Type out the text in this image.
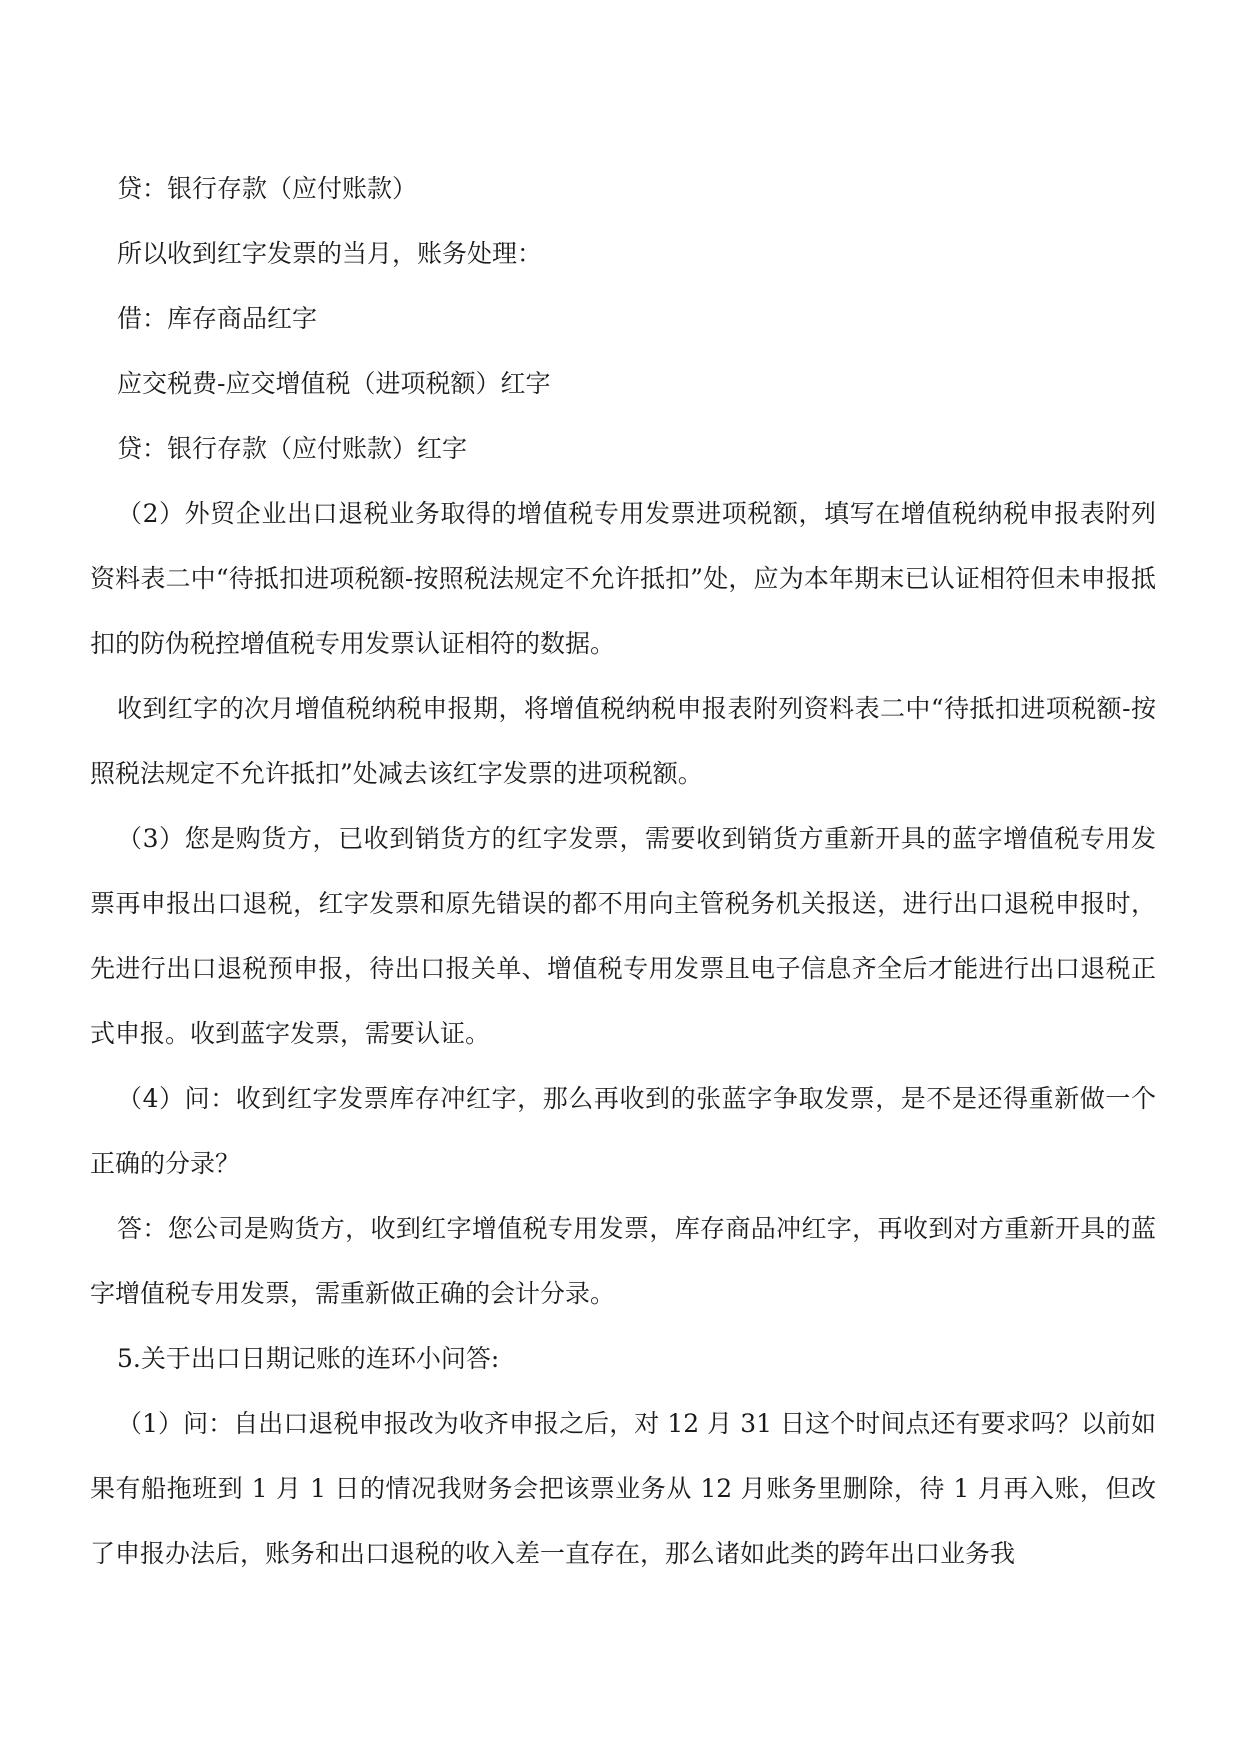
贷：银行存款（应付账款）

所以收到红字发票的当月，账务处理：

借：库存商品红字

应交税费-应交增值税（进项税额）红字

贷：银行存款（应付账款）红字

（2）外贸企业出口退税业务取得的增值税专用发票进项税额，填写在增值税纳税申报表附列资料表二中“待抵扣进项税额-按照税法规定不允许抵扣”处，应为本年期末已认证相符但未申报抵扣的防伪税控增值税专用发票认证相符的数据。

收到红字的次月增值税纳税申报期，将增值税纳税申报表附列资料表二中“待抵扣进项税额-按照税法规定不允许抵扣”处减去该红字发票的进项税额。

（3）您是购货方，已收到销货方的红字发票，需要收到销货方重新开具的蓝字增值税专用发票再申报出口退税，红字发票和原先错误的都不用向主管税务机关报送，进行出口退税申报时，先进行出口退税预申报，待出口报关单、增值税专用发票且电子信息齐全后才能进行出口退税正式申报。收到蓝字发票，需要认证。

（4）问：收到红字发票库存冲红字，那么再收到的张蓝字争取发票，是不是还得重新做一个正确的分录？

答：您公司是购货方，收到红字增值税专用发票，库存商品冲红字，再收到对方重新开具的蓝字增值税专用发票，需重新做正确的会计分录。

5.关于出口日期记账的连环小问答:

（1）问：自出口退税申报改为收齐申报之后，对 12 月 31 日这个时间点还有要求吗？以前如果有船拖班到 1 月 1 日的情况我财务会把该票业务从 12 月账务里删除，待 1 月再入账，但改了申报办法后，账务和出口退税的收入差一直存在，那么诸如此类的跨年出口业务我
